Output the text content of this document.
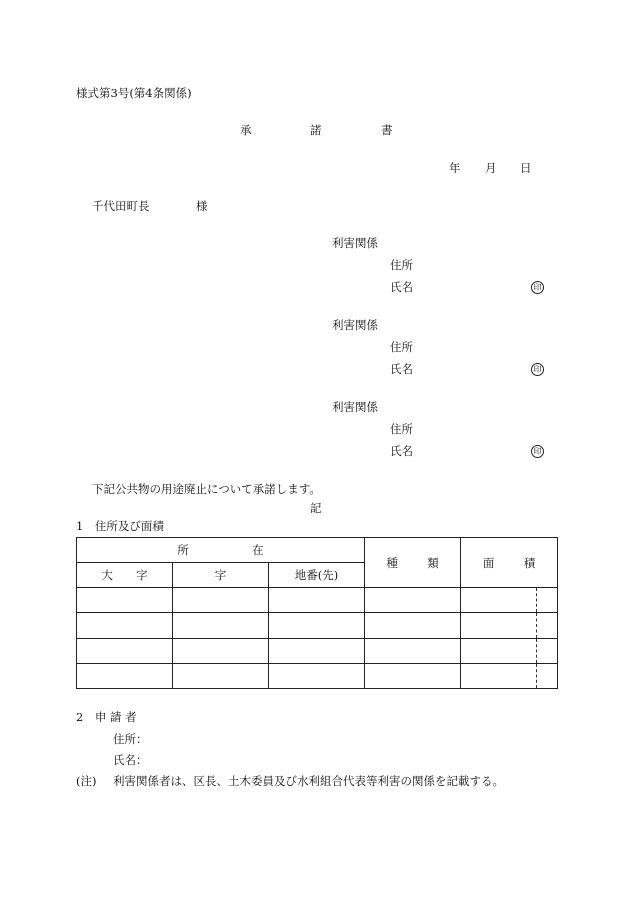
様式第3号(第4条関係)
承	諾	書
年 月 日
千代田町長	様
利害関係
住所
氏名	印
利害関係
住所
氏名	印
利害関係
住所
氏名	印
下記公共物の用途廃止について承諾します。
記
1　住所及び面積
所 在			種 類	面 積
大 字	字	地番(先)		

2　申 請 者
住所：
氏名：
(注) 利害関係者は、区長、土木委員及び水利組合代表等利害の関係を記載する。
